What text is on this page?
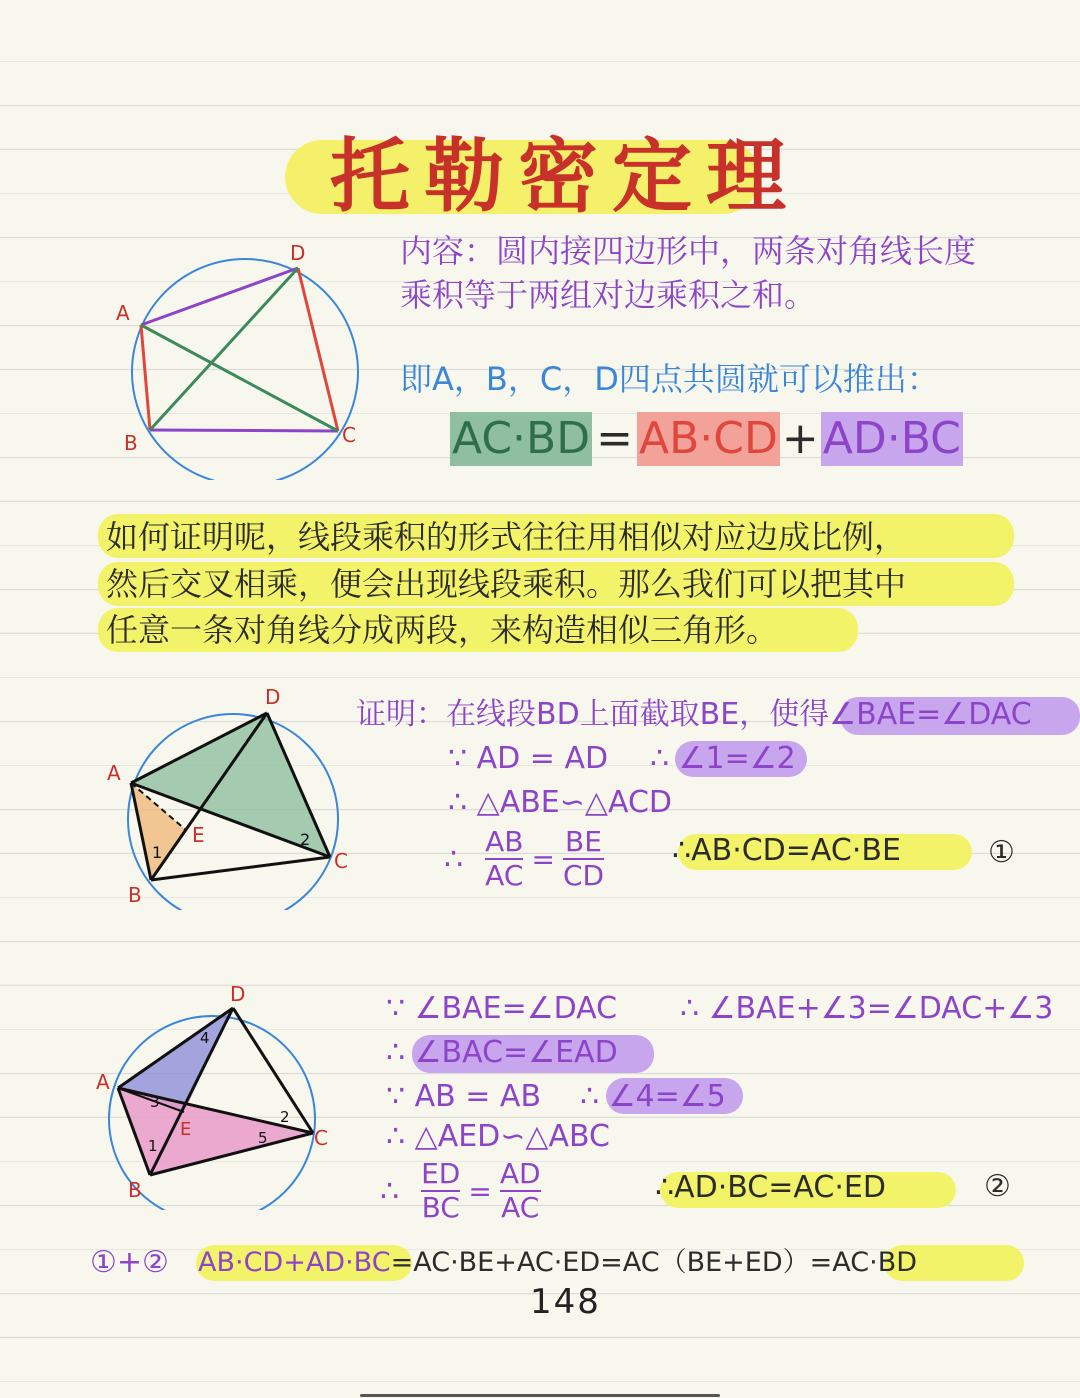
托勒密定理
A
B	C
D	内容：圆内接四边形中，两条对角线长度
乘积等于两组对边乘积之和。
即A，B，C，D四点共圆就可以推出：
AC·BD = AB·CD + AD·BC
如何证明呢，线段乘积的形式往往用相似对应边成比例，
然后交叉相乘，便会出现线段乘积。那么我们可以把其中
任意一条对角线分成两段，来构造相似三角形。
A
B
C
D
E
1
2
证明：在线段BD上面截取BE，使得∠BAE=∠DAC
∵ AD = AD ∴ ∠1=∠2
∴ △ABE∽△ACD
∴ $\frac{AB}{AC} = \frac{BE}{CD}$ ∴AB·CD=AC·BE	①
A
B
C
D
E
1
2
3
4
5
∵ ∠BAE=∠DAC ∴ ∠BAE+∠3=∠DAC+∠3
∴ ∠BAC=∠EAD
∵ AB = AB ∴ ∠4=∠5
∴ △AED∽△ABC
∴ $\frac{ED}{BC} = \frac{AD}{AC}$	∴AD·BC=AC·ED	②
①+② AB·CD+AD·BC=AC·BE+AC·ED=AC（BE+ED）=AC·BD
148
